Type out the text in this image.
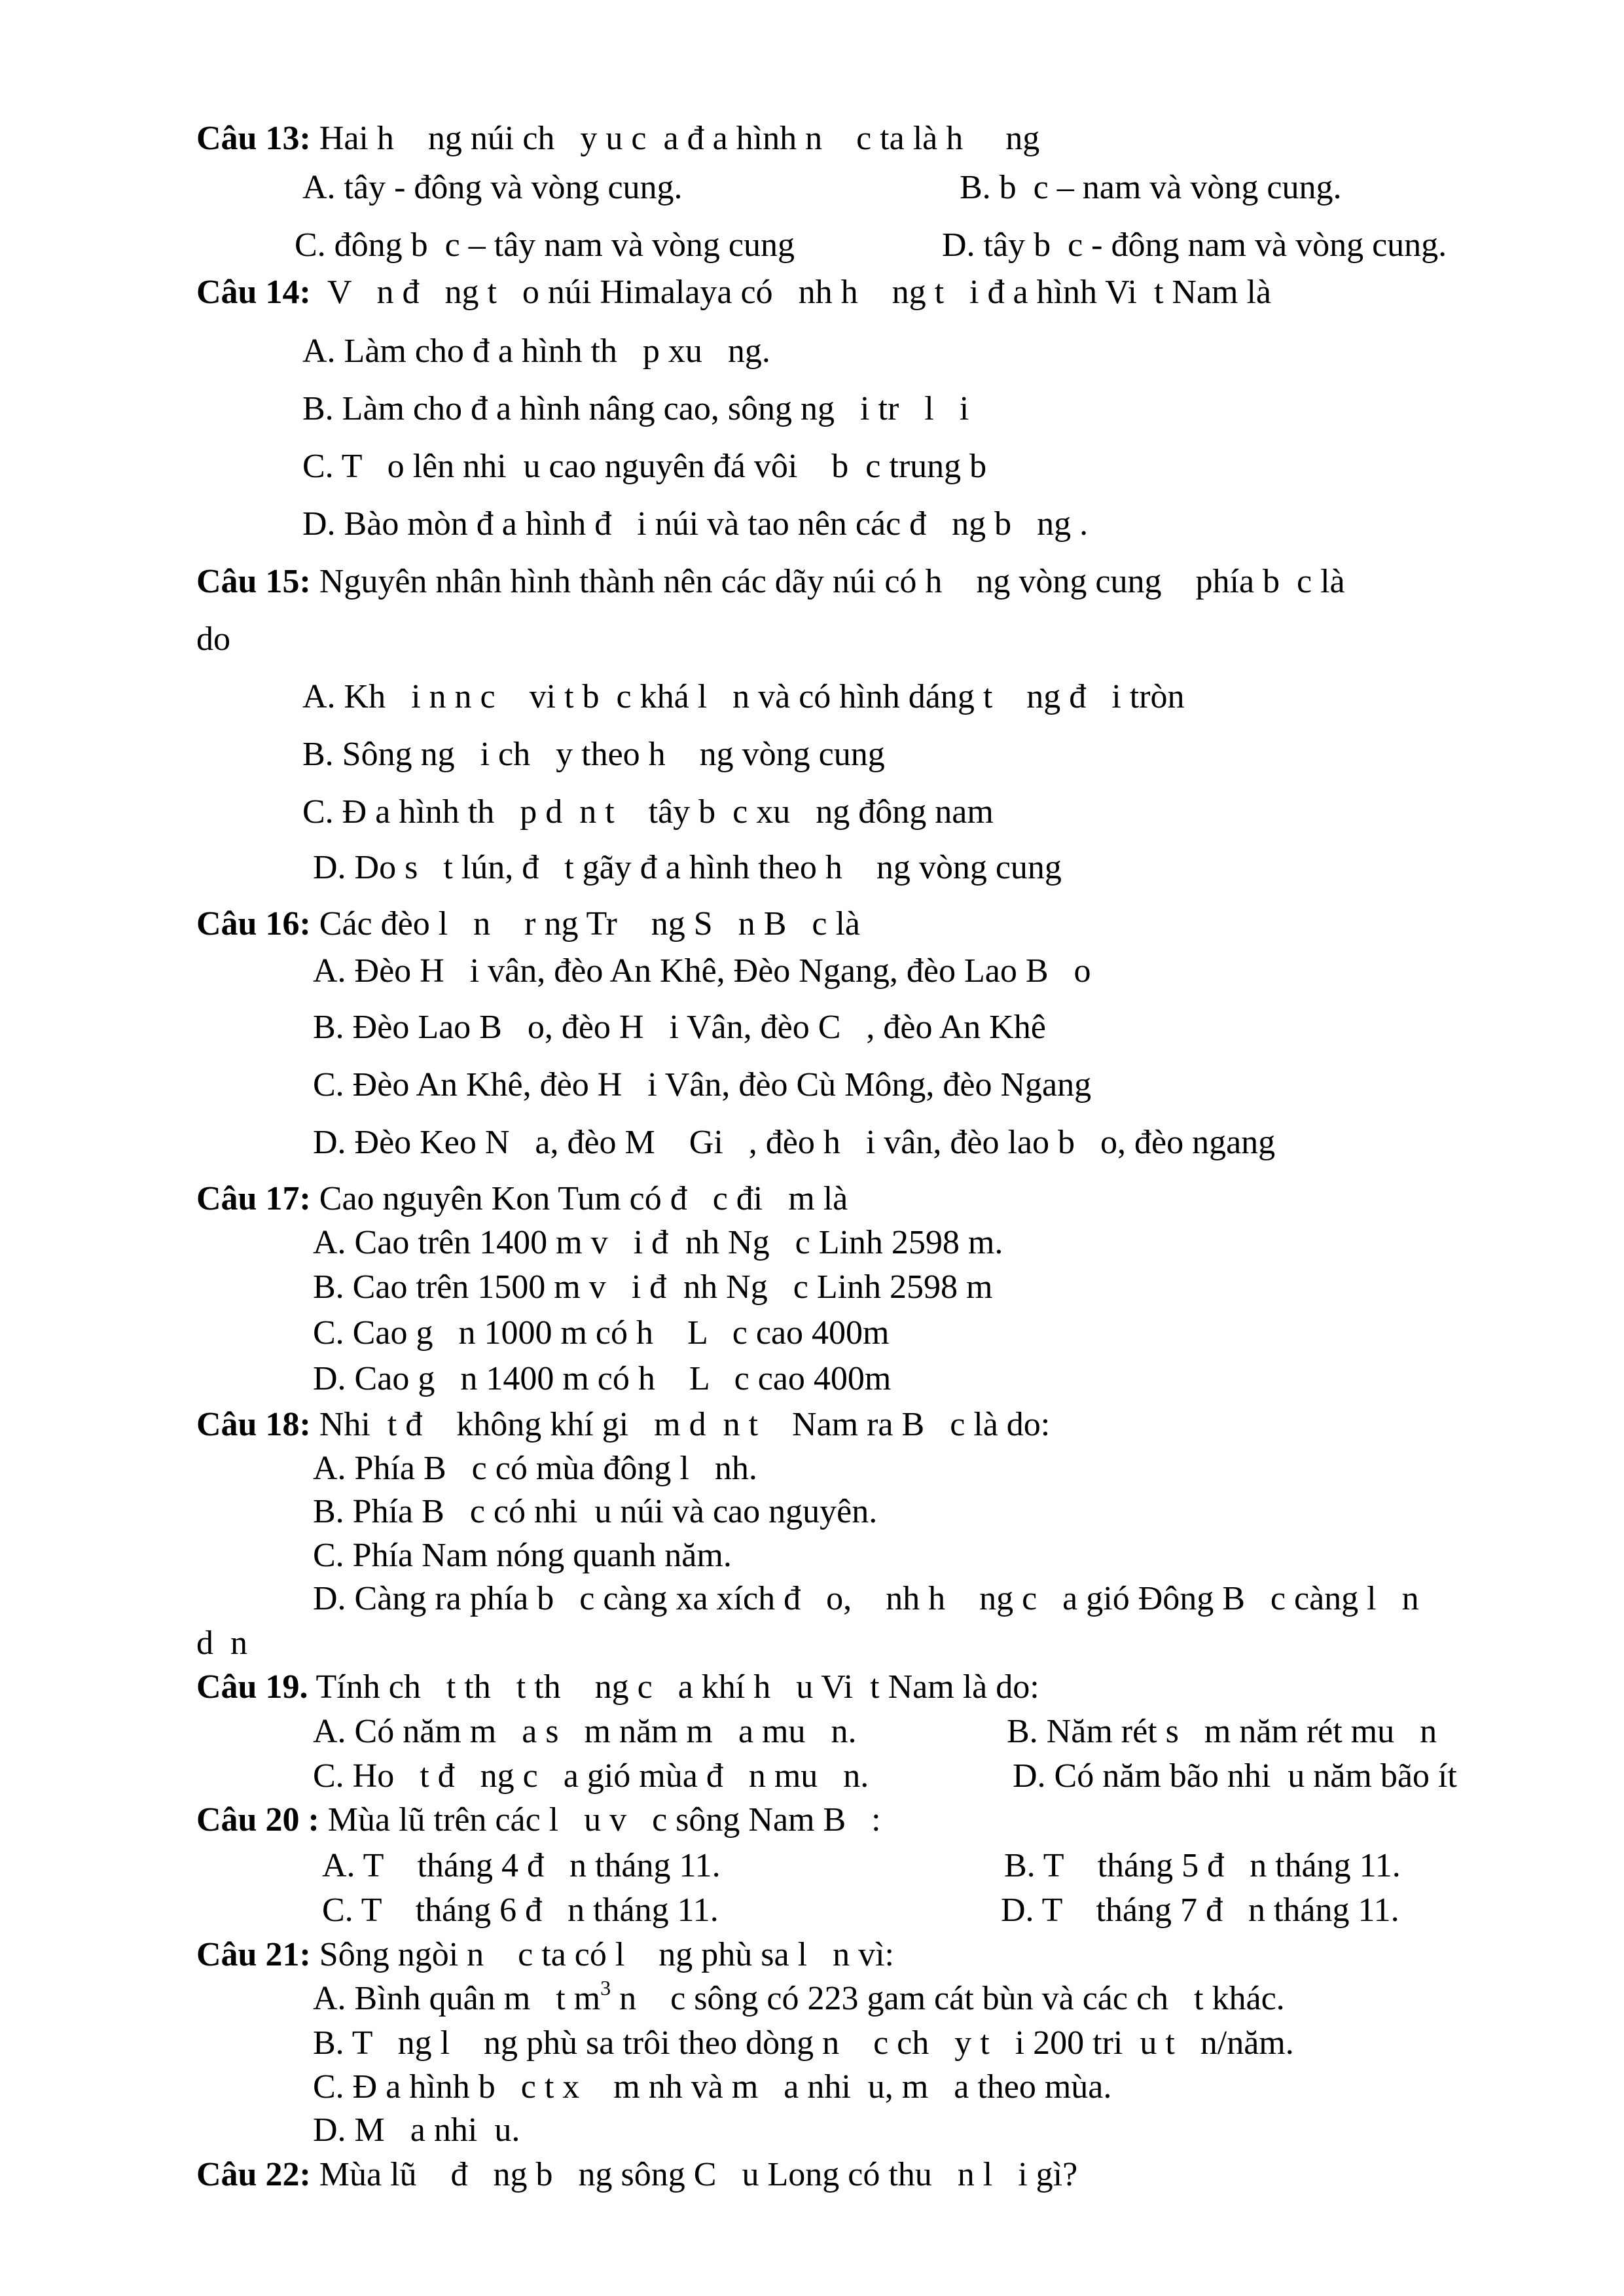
Câu 13: Hai h    ng núi ch   y u c  a đ a hình n    c ta là h     ng
A. tây - đông và vòng cung.	B. b  c – nam và vòng cung.
C. đông b  c – tây nam và vòng cung	D. tây b  c - đông nam và vòng cung.
Câu 14:  V   n đ   ng t   o núi Himalaya có   nh h    ng t   i đ a hình Vi  t Nam là
A. Làm cho đ a hình th   p xu   ng.
B. Làm cho đ a hình nâng cao, sông ng   i tr   l   i
C. T   o lên nhi  u cao nguyên đá vôi    b  c trung b
D. Bào mòn đ a hình đ   i núi và tao nên các đ   ng b   ng .
Câu 15: Nguyên nhân hình thành nên các dãy núi có h    ng vòng cung    phía b  c là
do
A. Kh   i n n c    vi t b  c khá l   n và có hình dáng t    ng đ   i tròn
B. Sông ng   i ch   y theo h    ng vòng cung
C. Đ a hình th   p d  n t    tây b  c xu   ng đông nam
D. Do s   t lún, đ   t gãy đ a hình theo h    ng vòng cung
Câu 16: Các đèo l   n    r ng Tr    ng S   n B   c là
A. Đèo H   i vân, đèo An Khê, Đèo Ngang, đèo Lao B   o
B. Đèo Lao B   o, đèo H   i Vân, đèo C   , đèo An Khê
C. Đèo An Khê, đèo H   i Vân, đèo Cù Mông, đèo Ngang
D. Đèo Keo N   a, đèo M    Gi   , đèo h   i vân, đèo lao b   o, đèo ngang
Câu 17: Cao nguyên Kon Tum có đ   c đi   m là
A. Cao trên 1400 m v   i đ  nh Ng   c Linh 2598 m.
B. Cao trên 1500 m v   i đ  nh Ng   c Linh 2598 m
C. Cao g   n 1000 m có h    L   c cao 400m
D. Cao g   n 1400 m có h    L   c cao 400m
Câu 18: Nhi  t đ    không khí gi   m d  n t    Nam ra B   c là do:
A. Phía B   c có mùa đông l   nh.
B. Phía B   c có nhi  u núi và cao nguyên.
C. Phía Nam nóng quanh năm.
D. Càng ra phía b   c càng xa xích đ   o,    nh h    ng c   a gió Đông B   c càng l   n
d  n
Câu 19. Tính ch   t th   t th    ng c   a khí h   u Vi  t Nam là do:
A. Có năm m   a s   m năm m   a mu   n.	B. Năm rét s   m năm rét mu   n
C. Ho   t đ   ng c   a gió mùa đ   n mu   n.	D. Có năm bão nhi  u năm bão ít
Câu 20 : Mùa lũ trên các l   u v   c sông Nam B   :
A. T    tháng 4 đ   n tháng 11.	B. T    tháng 5 đ   n tháng 11.
C. T    tháng 6 đ   n tháng 11.	D. T    tháng 7 đ   n tháng 11.
Câu 21: Sông ngòi n    c ta có l    ng phù sa l   n vì:
A. Bình quân m   t $m^3$ n    c sông có 223 gam cát bùn và các ch   t khác.
B. T   ng l    ng phù sa trôi theo dòng n    c ch   y t   i 200 tri  u t   n/năm.
C. Đ a hình b   c t x    m nh và m   a nhi  u, m   a theo mùa.
D. M   a nhi  u.
Câu 22: Mùa lũ    đ   ng b   ng sông C   u Long có thu   n l   i gì?
